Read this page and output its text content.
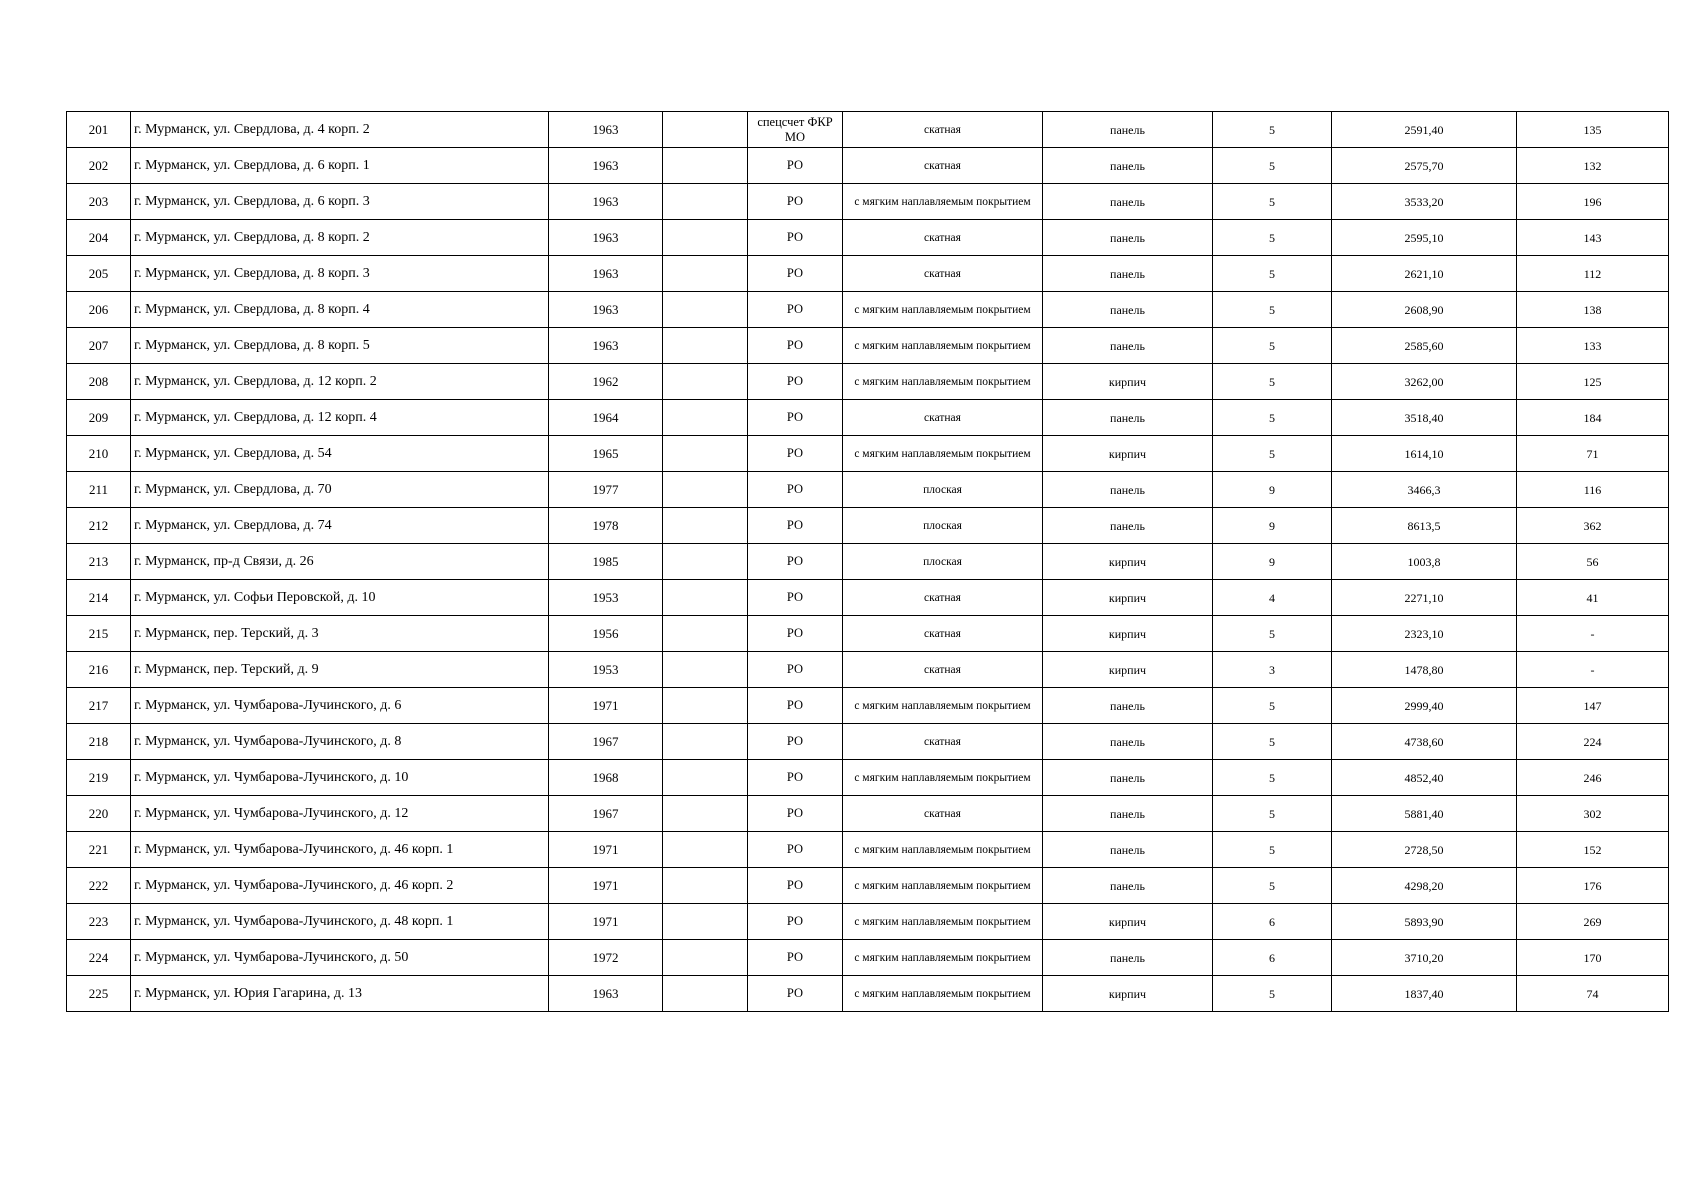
201	г. Мурманск, ул. Свердлова, д. 4 корп. 2	1963		спецсчет ФКР МО	скатная	панель	5	2591,40	135
202	г. Мурманск, ул. Свердлова, д. 6 корп. 1	1963		РО	скатная	панель	5	2575,70	132
203	г. Мурманск, ул. Свердлова, д. 6 корп. 3	1963		РО	с мягким наплавляемым покрытием	панель	5	3533,20	196
204	г. Мурманск, ул. Свердлова, д. 8 корп. 2	1963		РО	скатная	панель	5	2595,10	143
205	г. Мурманск, ул. Свердлова, д. 8 корп. 3	1963		РО	скатная	панель	5	2621,10	112
206	г. Мурманск, ул. Свердлова, д. 8 корп. 4	1963		РО	с мягким наплавляемым покрытием	панель	5	2608,90	138
207	г. Мурманск, ул. Свердлова, д. 8 корп. 5	1963		РО	с мягким наплавляемым покрытием	панель	5	2585,60	133
208	г. Мурманск, ул. Свердлова, д. 12 корп. 2	1962		РО	с мягким наплавляемым покрытием	кирпич	5	3262,00	125
209	г. Мурманск, ул. Свердлова, д. 12 корп. 4	1964		РО	скатная	панель	5	3518,40	184
210	г. Мурманск, ул. Свердлова, д. 54	1965		РО	с мягким наплавляемым покрытием	кирпич	5	1614,10	71
211	г. Мурманск, ул. Свердлова, д. 70	1977		РО	плоская	панель	9	3466,3	116
212	г. Мурманск, ул. Свердлова, д. 74	1978		РО	плоская	панель	9	8613,5	362
213	г. Мурманск, пр-д Связи, д. 26	1985		РО	плоская	кирпич	9	1003,8	56
214	г. Мурманск, ул. Софьи Перовской, д. 10	1953		РО	скатная	кирпич	4	2271,10	41
215	г. Мурманск, пер. Терский, д. 3	1956		РО	скатная	кирпич	5	2323,10	-
216	г. Мурманск, пер. Терский, д. 9	1953		РО	скатная	кирпич	3	1478,80	-
217	г. Мурманск, ул. Чумбарова-Лучинского, д. 6	1971		РО	с мягким наплавляемым покрытием	панель	5	2999,40	147
218	г. Мурманск, ул. Чумбарова-Лучинского, д. 8	1967		РО	скатная	панель	5	4738,60	224
219	г. Мурманск, ул. Чумбарова-Лучинского, д. 10	1968		РО	с мягким наплавляемым покрытием	панель	5	4852,40	246
220	г. Мурманск, ул. Чумбарова-Лучинского, д. 12	1967		РО	скатная	панель	5	5881,40	302
221	г. Мурманск, ул. Чумбарова-Лучинского, д. 46 корп. 1	1971		РО	с мягким наплавляемым покрытием	панель	5	2728,50	152
222	г. Мурманск, ул. Чумбарова-Лучинского, д. 46 корп. 2	1971		РО	с мягким наплавляемым покрытием	панель	5	4298,20	176
223	г. Мурманск, ул. Чумбарова-Лучинского, д. 48 корп. 1	1971		РО	с мягким наплавляемым покрытием	кирпич	6	5893,90	269
224	г. Мурманск, ул. Чумбарова-Лучинского, д. 50	1972		РО	с мягким наплавляемым покрытием	панель	6	3710,20	170
225	г. Мурманск, ул. Юрия Гагарина, д. 13	1963		РО	с мягким наплавляемым покрытием	кирпич	5	1837,40	74
